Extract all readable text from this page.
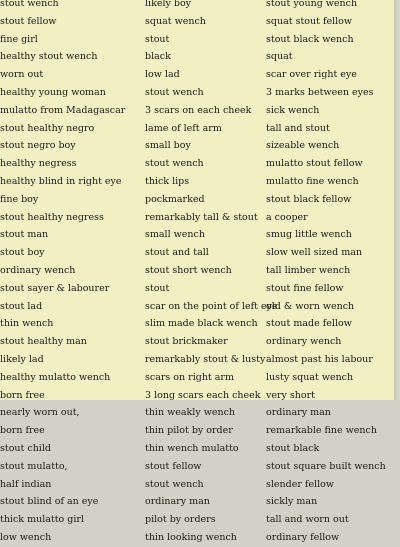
stout wench
stout fellow
fine girl
healthy stout wench
worn out
healthy young woman
mulatto from Madagascar
stout healthy negro
stout negro boy
healthy negress
healthy blind in right eye
fine boy
stout healthy negress
stout man
stout boy
ordinary wench
stout sayer & labourer
stout lad
thin wench
stout healthy man
likely lad
healthy mulatto wench
born free
nearly worn out,
born free
stout child
stout mulatto,
half indian
stout blind of an eye
thick mulatto girl
low wench
likely boy
squat wench
stout
black
low lad
stout wench
3 scars on each cheek
lame of left arm
small boy
stout wench
thick lips
pockmarked
remarkably tall & stout
small wench
stout and tall
stout short wench
stout
scar on the point of left eye
slim made black wench
stout brickmaker
remarkably stout & lusty
scars on right arm
3 long scars each cheek
thin weakly wench
thin pilot by order
thin wench mulatto
stout fellow
stout wench
ordinary man
pilot by orders
thin looking wench
stout young wench
squat stout fellow
stout black wench
squat
scar over right eye
3 marks between eyes
sick wench
tall and stout
sizeable wench
mulatto stout fellow
mulatto fine wench
stout black fellow
a cooper
smug little wench
slow well sized man
tall limber wench
stout fine fellow
old & worn wench
stout made fellow
ordinary wench
almost past his labour
lusty squat wench
very short
ordinary man
remarkable fine wench
stout black
stout square built wench
slender fellow
sickly man
tall and worn out
ordinary fellow
